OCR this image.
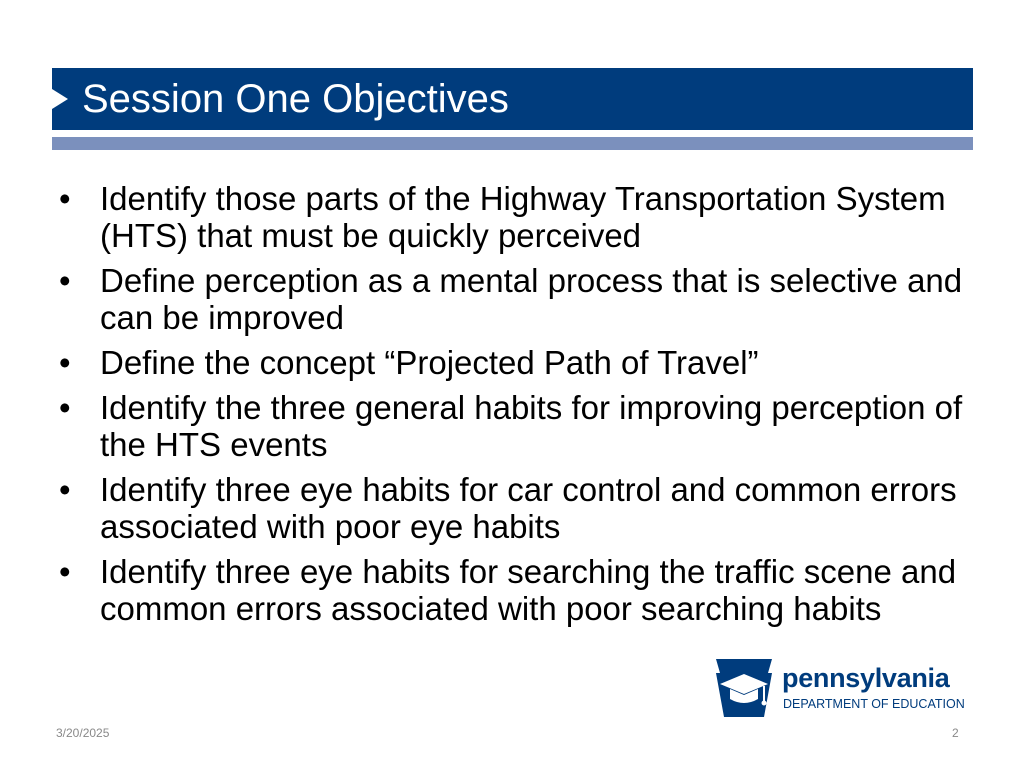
Session One Objectives
• Identify those parts of the Highway Transportation System (HTS) that must be quickly perceived
• Define perception as a mental process that is selective and can be improved
• Define the concept “Projected Path of Travel”
• Identify the three general habits for improving perception of the HTS events
• Identify three eye habits for car control and common errors associated with poor eye habits
• Identify three eye habits for searching the traffic scene and common errors associated with poor searching habits
pennsylvania
DEPARTMENT OF EDUCATION
3/20/2025	2
